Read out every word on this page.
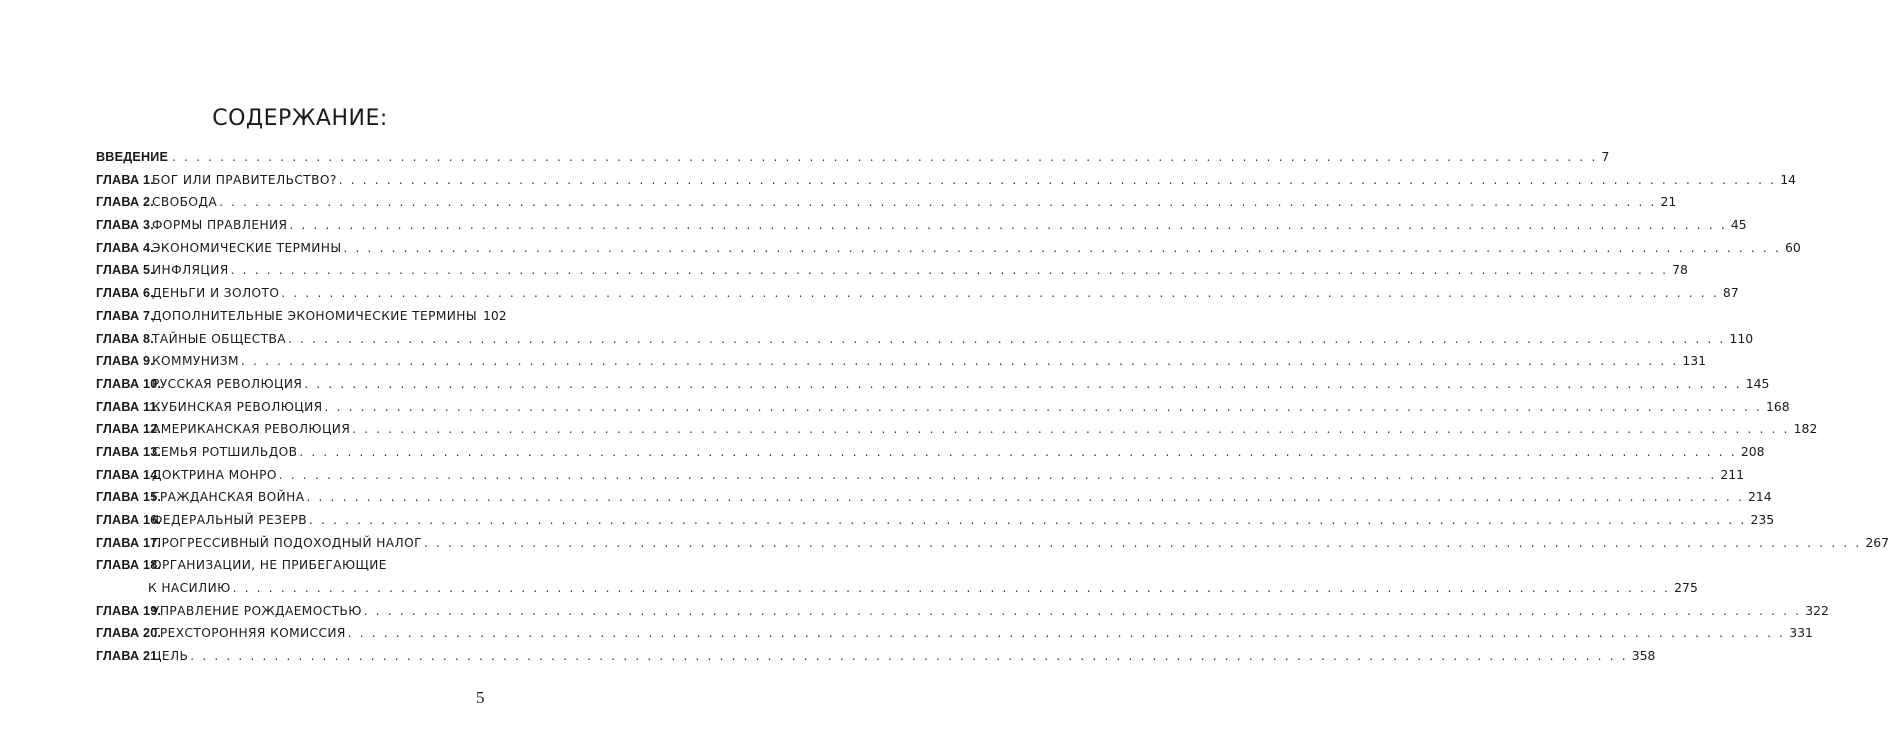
СОДЕРЖАНИЕ:
ВВЕДЕНИЕ
. . . . . . . . . . . . . . . . . . . . . . . . . . . . . . . . . . . . . . . . . . . . . . . . . . . . . . . . . . . . . . . . . . . . . . . . . . . . . . . . . . . . . . . . . . . . . . . . . . . . . . . . . . . . . . . . . . . . . . . . 7
ГЛАВА 1.
БОГ ИЛИ ПРАВИТЕЛЬСТВО? . . . . . . . . . . . . . . . . . . . . . . . . . . . . . . . . . . . . . . . . . . . . . . . . . . . . . . . . . . . . . . . . . . . . . . . . . . . . . . . . . . . . . . . . . . . . . . . . . . . . . . . . . . . . . . . . . . . . . . . . 14
ГЛАВА 2.
СВОБОДА . . . . . . . . . . . . . . . . . . . . . . . . . . . . . . . . . . . . . . . . . . . . . . . . . . . . . . . . . . . . . . . . . . . . . . . . . . . . . . . . . . . . . . . . . . . . . . . . . . . . . . . . . . . . . . . . . . . . . . . . 21
ГЛАВА 3.
ФОРМЫ ПРАВЛЕНИЯ . . . . . . . . . . . . . . . . . . . . . . . . . . . . . . . . . . . . . . . . . . . . . . . . . . . . . . . . . . . . . . . . . . . . . . . . . . . . . . . . . . . . . . . . . . . . . . . . . . . . . . . . . . . . . . . . . . . . . . . . 45
ГЛАВА 4.
ЭКОНОМИЧЕСКИЕ ТЕРМИНЫ . . . . . . . . . . . . . . . . . . . . . . . . . . . . . . . . . . . . . . . . . . . . . . . . . . . . . . . . . . . . . . . . . . . . . . . . . . . . . . . . . . . . . . . . . . . . . . . . . . . . . . . . . . . . . . . . . . . . . . . . 60
ГЛАВА 5.
ИНФЛЯЦИЯ . . . . . . . . . . . . . . . . . . . . . . . . . . . . . . . . . . . . . . . . . . . . . . . . . . . . . . . . . . . . . . . . . . . . . . . . . . . . . . . . . . . . . . . . . . . . . . . . . . . . . . . . . . . . . . . . . . . . . . . . 78
ГЛАВА 6.
ДЕНЬГИ И ЗОЛОТО . . . . . . . . . . . . . . . . . . . . . . . . . . . . . . . . . . . . . . . . . . . . . . . . . . . . . . . . . . . . . . . . . . . . . . . . . . . . . . . . . . . . . . . . . . . . . . . . . . . . . . . . . . . . . . . . . . . . . . . . 87
ГЛАВА 7.
ДОПОЛНИТЕЛЬНЫЕ ЭКОНОМИЧЕСКИЕ ТЕРМИНЫ 102
ГЛАВА 8.
ТАЙНЫЕ ОБЩЕСТВА . . . . . . . . . . . . . . . . . . . . . . . . . . . . . . . . . . . . . . . . . . . . . . . . . . . . . . . . . . . . . . . . . . . . . . . . . . . . . . . . . . . . . . . . . . . . . . . . . . . . . . . . . . . . . . . . . . . . . . . . 110
ГЛАВА 9.
КОММУНИЗМ . . . . . . . . . . . . . . . . . . . . . . . . . . . . . . . . . . . . . . . . . . . . . . . . . . . . . . . . . . . . . . . . . . . . . . . . . . . . . . . . . . . . . . . . . . . . . . . . . . . . . . . . . . . . . . . . . . . . . . . . 131
ГЛАВА 10.
РУССКАЯ РЕВОЛЮЦИЯ . . . . . . . . . . . . . . . . . . . . . . . . . . . . . . . . . . . . . . . . . . . . . . . . . . . . . . . . . . . . . . . . . . . . . . . . . . . . . . . . . . . . . . . . . . . . . . . . . . . . . . . . . . . . . . . . . . . . . . . . 145
ГЛАВА 11.
КУБИНСКАЯ РЕВОЛЮЦИЯ . . . . . . . . . . . . . . . . . . . . . . . . . . . . . . . . . . . . . . . . . . . . . . . . . . . . . . . . . . . . . . . . . . . . . . . . . . . . . . . . . . . . . . . . . . . . . . . . . . . . . . . . . . . . . . . . . . . . . . . . 168
ГЛАВА 12.
АМЕРИКАНСКАЯ РЕВОЛЮЦИЯ . . . . . . . . . . . . . . . . . . . . . . . . . . . . . . . . . . . . . . . . . . . . . . . . . . . . . . . . . . . . . . . . . . . . . . . . . . . . . . . . . . . . . . . . . . . . . . . . . . . . . . . . . . . . . . . . . . . . . . . . 182
ГЛАВА 13.
СЕМЬЯ РОТШИЛЬДОВ . . . . . . . . . . . . . . . . . . . . . . . . . . . . . . . . . . . . . . . . . . . . . . . . . . . . . . . . . . . . . . . . . . . . . . . . . . . . . . . . . . . . . . . . . . . . . . . . . . . . . . . . . . . . . . . . . . . . . . . . 208
ГЛАВА 14.
ДОКТРИНА МОНРО . . . . . . . . . . . . . . . . . . . . . . . . . . . . . . . . . . . . . . . . . . . . . . . . . . . . . . . . . . . . . . . . . . . . . . . . . . . . . . . . . . . . . . . . . . . . . . . . . . . . . . . . . . . . . . . . . . . . . . . . 211
ГЛАВА 15.
ГРАЖДАНСКАЯ ВОЙНА . . . . . . . . . . . . . . . . . . . . . . . . . . . . . . . . . . . . . . . . . . . . . . . . . . . . . . . . . . . . . . . . . . . . . . . . . . . . . . . . . . . . . . . . . . . . . . . . . . . . . . . . . . . . . . . . . . . . . . . . 214
ГЛАВА 16.
ФЕДЕРАЛЬНЫЙ РЕЗЕРВ . . . . . . . . . . . . . . . . . . . . . . . . . . . . . . . . . . . . . . . . . . . . . . . . . . . . . . . . . . . . . . . . . . . . . . . . . . . . . . . . . . . . . . . . . . . . . . . . . . . . . . . . . . . . . . . . . . . . . . . . 235
ГЛАВА 17.
ПРОГРЕССИВНЫЙ ПОДОХОДНЫЙ НАЛОГ . . . . . . . . . . . . . . . . . . . . . . . . . . . . . . . . . . . . . . . . . . . . . . . . . . . . . . . . . . . . . . . . . . . . . . . . . . . . . . . . . . . . . . . . . . . . . . . . . . . . . . . . . . . . . . . . . . . . . . . . 267
ГЛАВА 18.
ОРГАНИЗАЦИИ, НЕ ПРИБЕГАЮЩИЕ
К НАСИЛИЮ . . . . . . . . . . . . . . . . . . . . . . . . . . . . . . . . . . . . . . . . . . . . . . . . . . . . . . . . . . . . . . . . . . . . . . . . . . . . . . . . . . . . . . . . . . . . . . . . . . . . . . . . . . . . . . . . . . . . . . . . 275
ГЛАВА 19.
УПРАВЛЕНИЕ РОЖДАЕМОСТЬЮ . . . . . . . . . . . . . . . . . . . . . . . . . . . . . . . . . . . . . . . . . . . . . . . . . . . . . . . . . . . . . . . . . . . . . . . . . . . . . . . . . . . . . . . . . . . . . . . . . . . . . . . . . . . . . . . . . . . . . . . . 322
ГЛАВА 20.
ТРЕХСТОРОННЯЯ КОМИССИЯ . . . . . . . . . . . . . . . . . . . . . . . . . . . . . . . . . . . . . . . . . . . . . . . . . . . . . . . . . . . . . . . . . . . . . . . . . . . . . . . . . . . . . . . . . . . . . . . . . . . . . . . . . . . . . . . . . . . . . . . . 331
ГЛАВА 21.
ЦЕЛЬ . . . . . . . . . . . . . . . . . . . . . . . . . . . . . . . . . . . . . . . . . . . . . . . . . . . . . . . . . . . . . . . . . . . . . . . . . . . . . . . . . . . . . . . . . . . . . . . . . . . . . . . . . . . . . . . . . . . . . . . . 358
5
